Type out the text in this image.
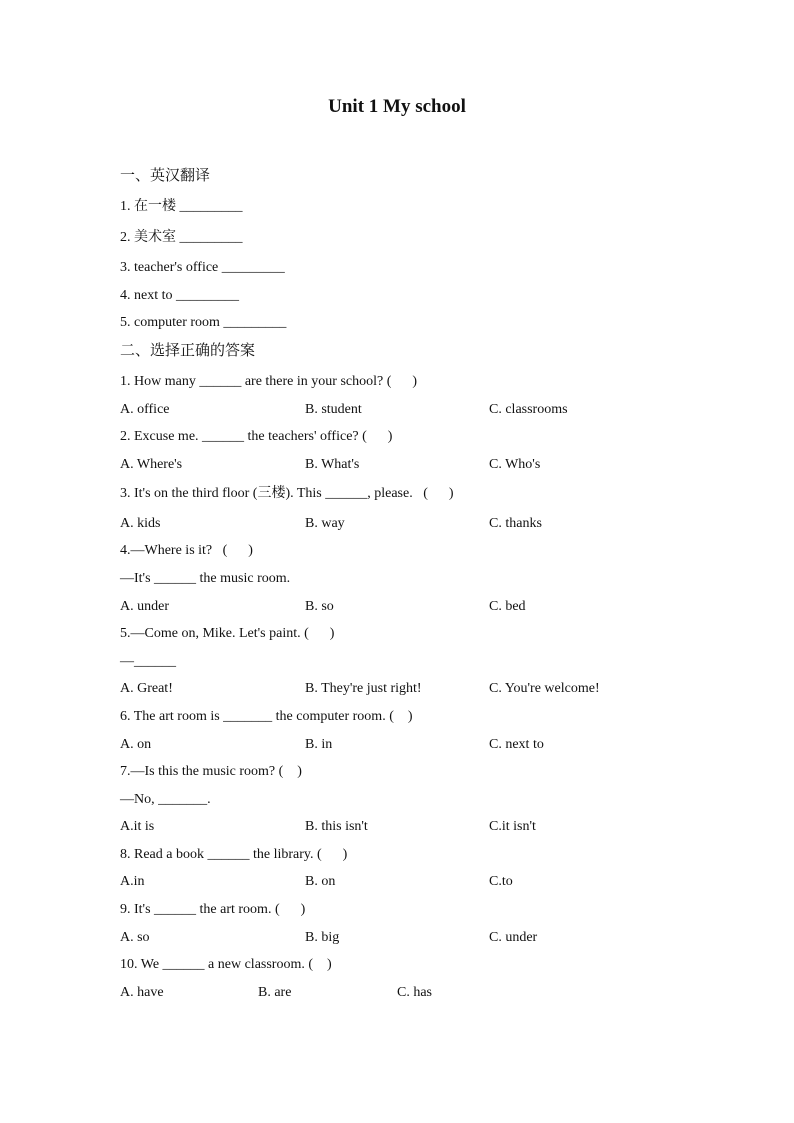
Unit 1 My school
一、英汉翻译
1. 在一楼 _________
2. 美术室 _________
3. teacher's office _________
4. next to _________
5. computer room _________
二、选择正确的答案
1. How many ______ are there in your school? (      )
A. office	B. student	C. classrooms
2. Excuse me. ______ the teachers' office? (      )
A. Where's	B. What's	C. Who's
3. It's on the third floor (三楼). This ______, please.   (      )
A. kids	B. way	C. thanks
4.—Where is it?   (      )
—It's ______ the music room.
A. under	B. so	C. bed
5.—Come on, Mike. Let's paint. (      )
—______
A. Great!	B. They're just right!	C. You're welcome!
6. The art room is _______ the computer room. (    )
A. on	B. in	C. next to
7.—Is this the music room? (    )
—No, _______.
A.it is	B. this isn't	C.it isn't
8. Read a book ______ the library. (      )
A.in	B. on	C.to
9. It's ______ the art room. (      )
A. so	B. big	C. under
10. We ______ a new classroom. (    )
A. have	B. are	C. has
